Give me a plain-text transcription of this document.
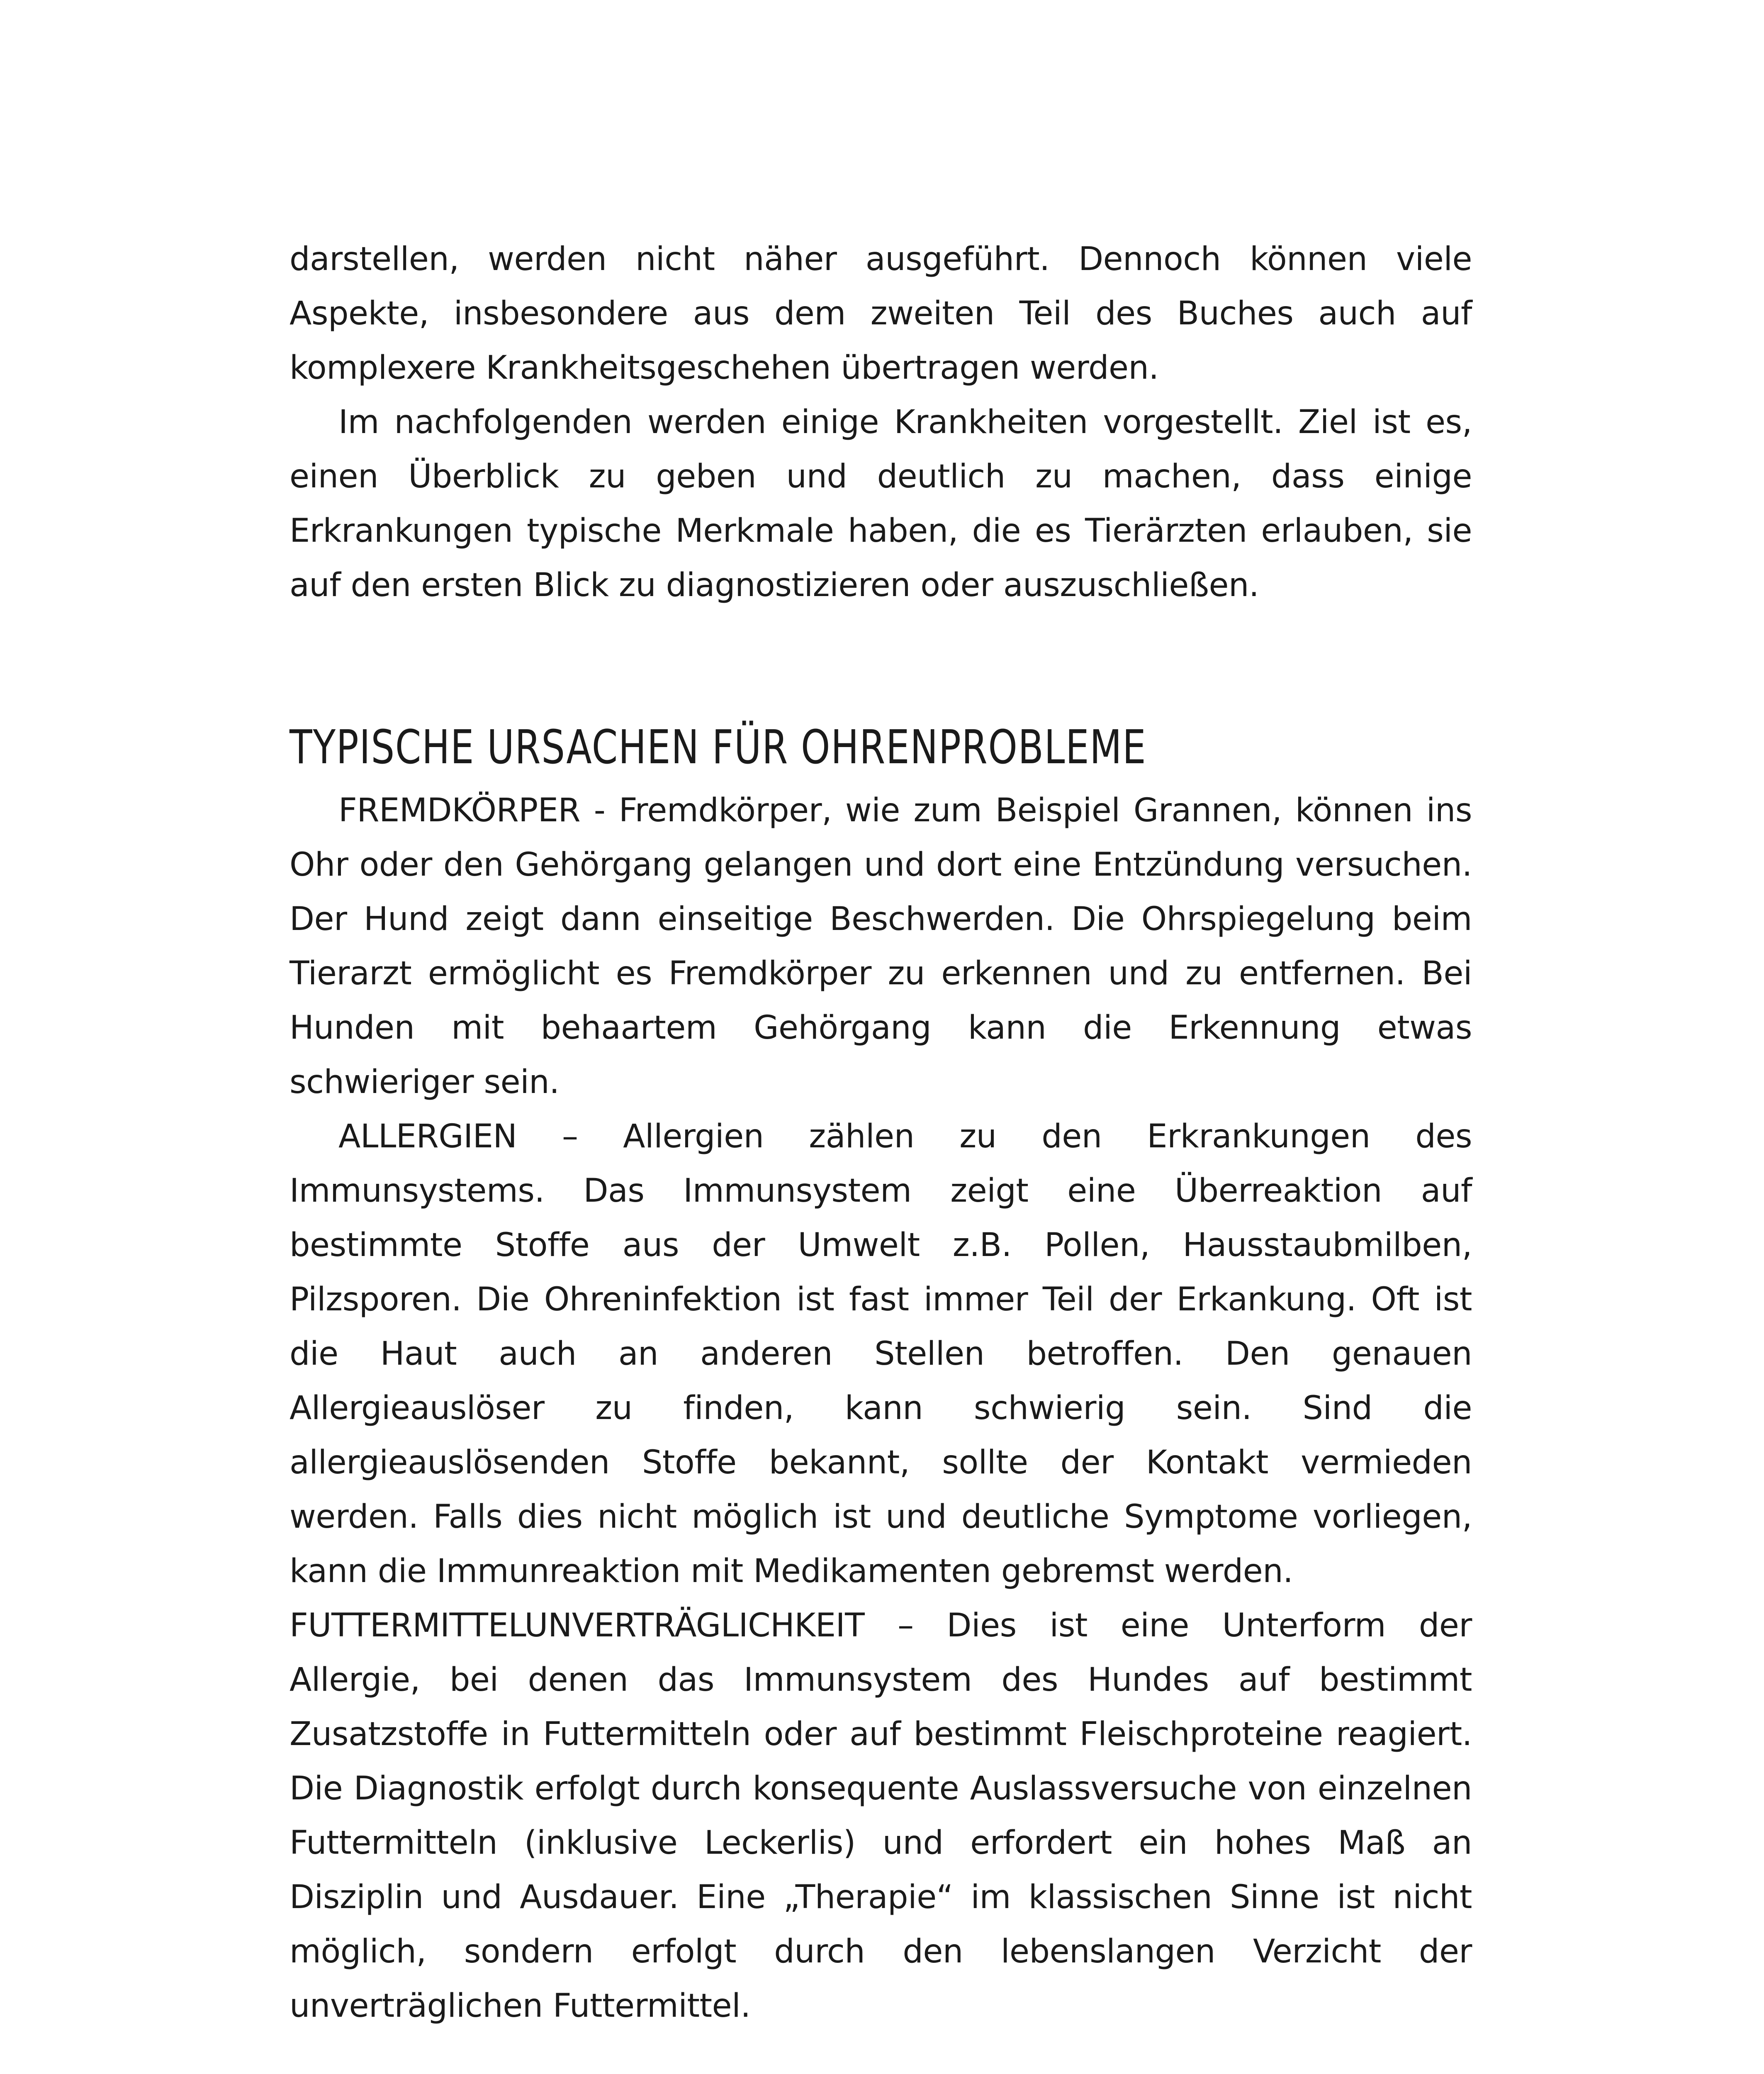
darstellen, werden nicht näher ausgeführt. Dennoch können viele Aspekte, insbesondere aus dem zweiten Teil des Buches auch auf komplexere Krankheitsgeschehen übertragen werden.

Im nachfolgenden werden einige Krankheiten vorgestellt. Ziel ist es, einen Überblick zu geben und deutlich zu machen, dass einige Erkrankungen typische Merkmale haben, die es Tierärzten erlauben, sie auf den ersten Blick zu diagnostizieren oder auszuschließen.

TYPISCHE URSACHEN FÜR OHRENPROBLEME

FREMDKÖRPER - Fremdkörper, wie zum Beispiel Grannen, können ins Ohr oder den Gehörgang gelangen und dort eine Entzündung versuchen. Der Hund zeigt dann einseitige Beschwerden. Die Ohrspiegelung beim Tierarzt ermöglicht es Fremdkörper zu erkennen und zu entfernen. Bei Hunden mit behaartem Gehörgang kann die Erkennung etwas schwieriger sein.

ALLERGIEN – Allergien zählen zu den Erkrankungen des Immunsystems. Das Immunsystem zeigt eine Überreaktion auf bestimmte Stoffe aus der Umwelt z.B. Pollen, Hausstaubmilben, Pilzsporen. Die Ohreninfektion ist fast immer Teil der Erkankung. Oft ist die Haut auch an anderen Stellen betroffen. Den genauen Allergieauslöser zu finden, kann schwierig sein. Sind die allergieauslösenden Stoffe bekannt, sollte der Kontakt vermieden werden. Falls dies nicht möglich ist und deutliche Symptome vorliegen, kann die Immunreaktion mit Medikamenten gebremst werden.

FUTTERMITTELUNVERTRÄGLICHKEIT – Dies ist eine Unterform der Allergie, bei denen das Immunsystem des Hundes auf bestimmt Zusatzstoffe in Futtermitteln oder auf bestimmt Fleischproteine reagiert. Die Diagnostik erfolgt durch konsequente Auslassversuche von einzelnen Futtermitteln (inklusive Leckerlis) und erfordert ein hohes Maß an Disziplin und Ausdauer. Eine „Therapie“ im klassischen Sinne ist nicht möglich, sondern erfolgt durch den lebenslangen Verzicht der unverträglichen Futtermittel.
